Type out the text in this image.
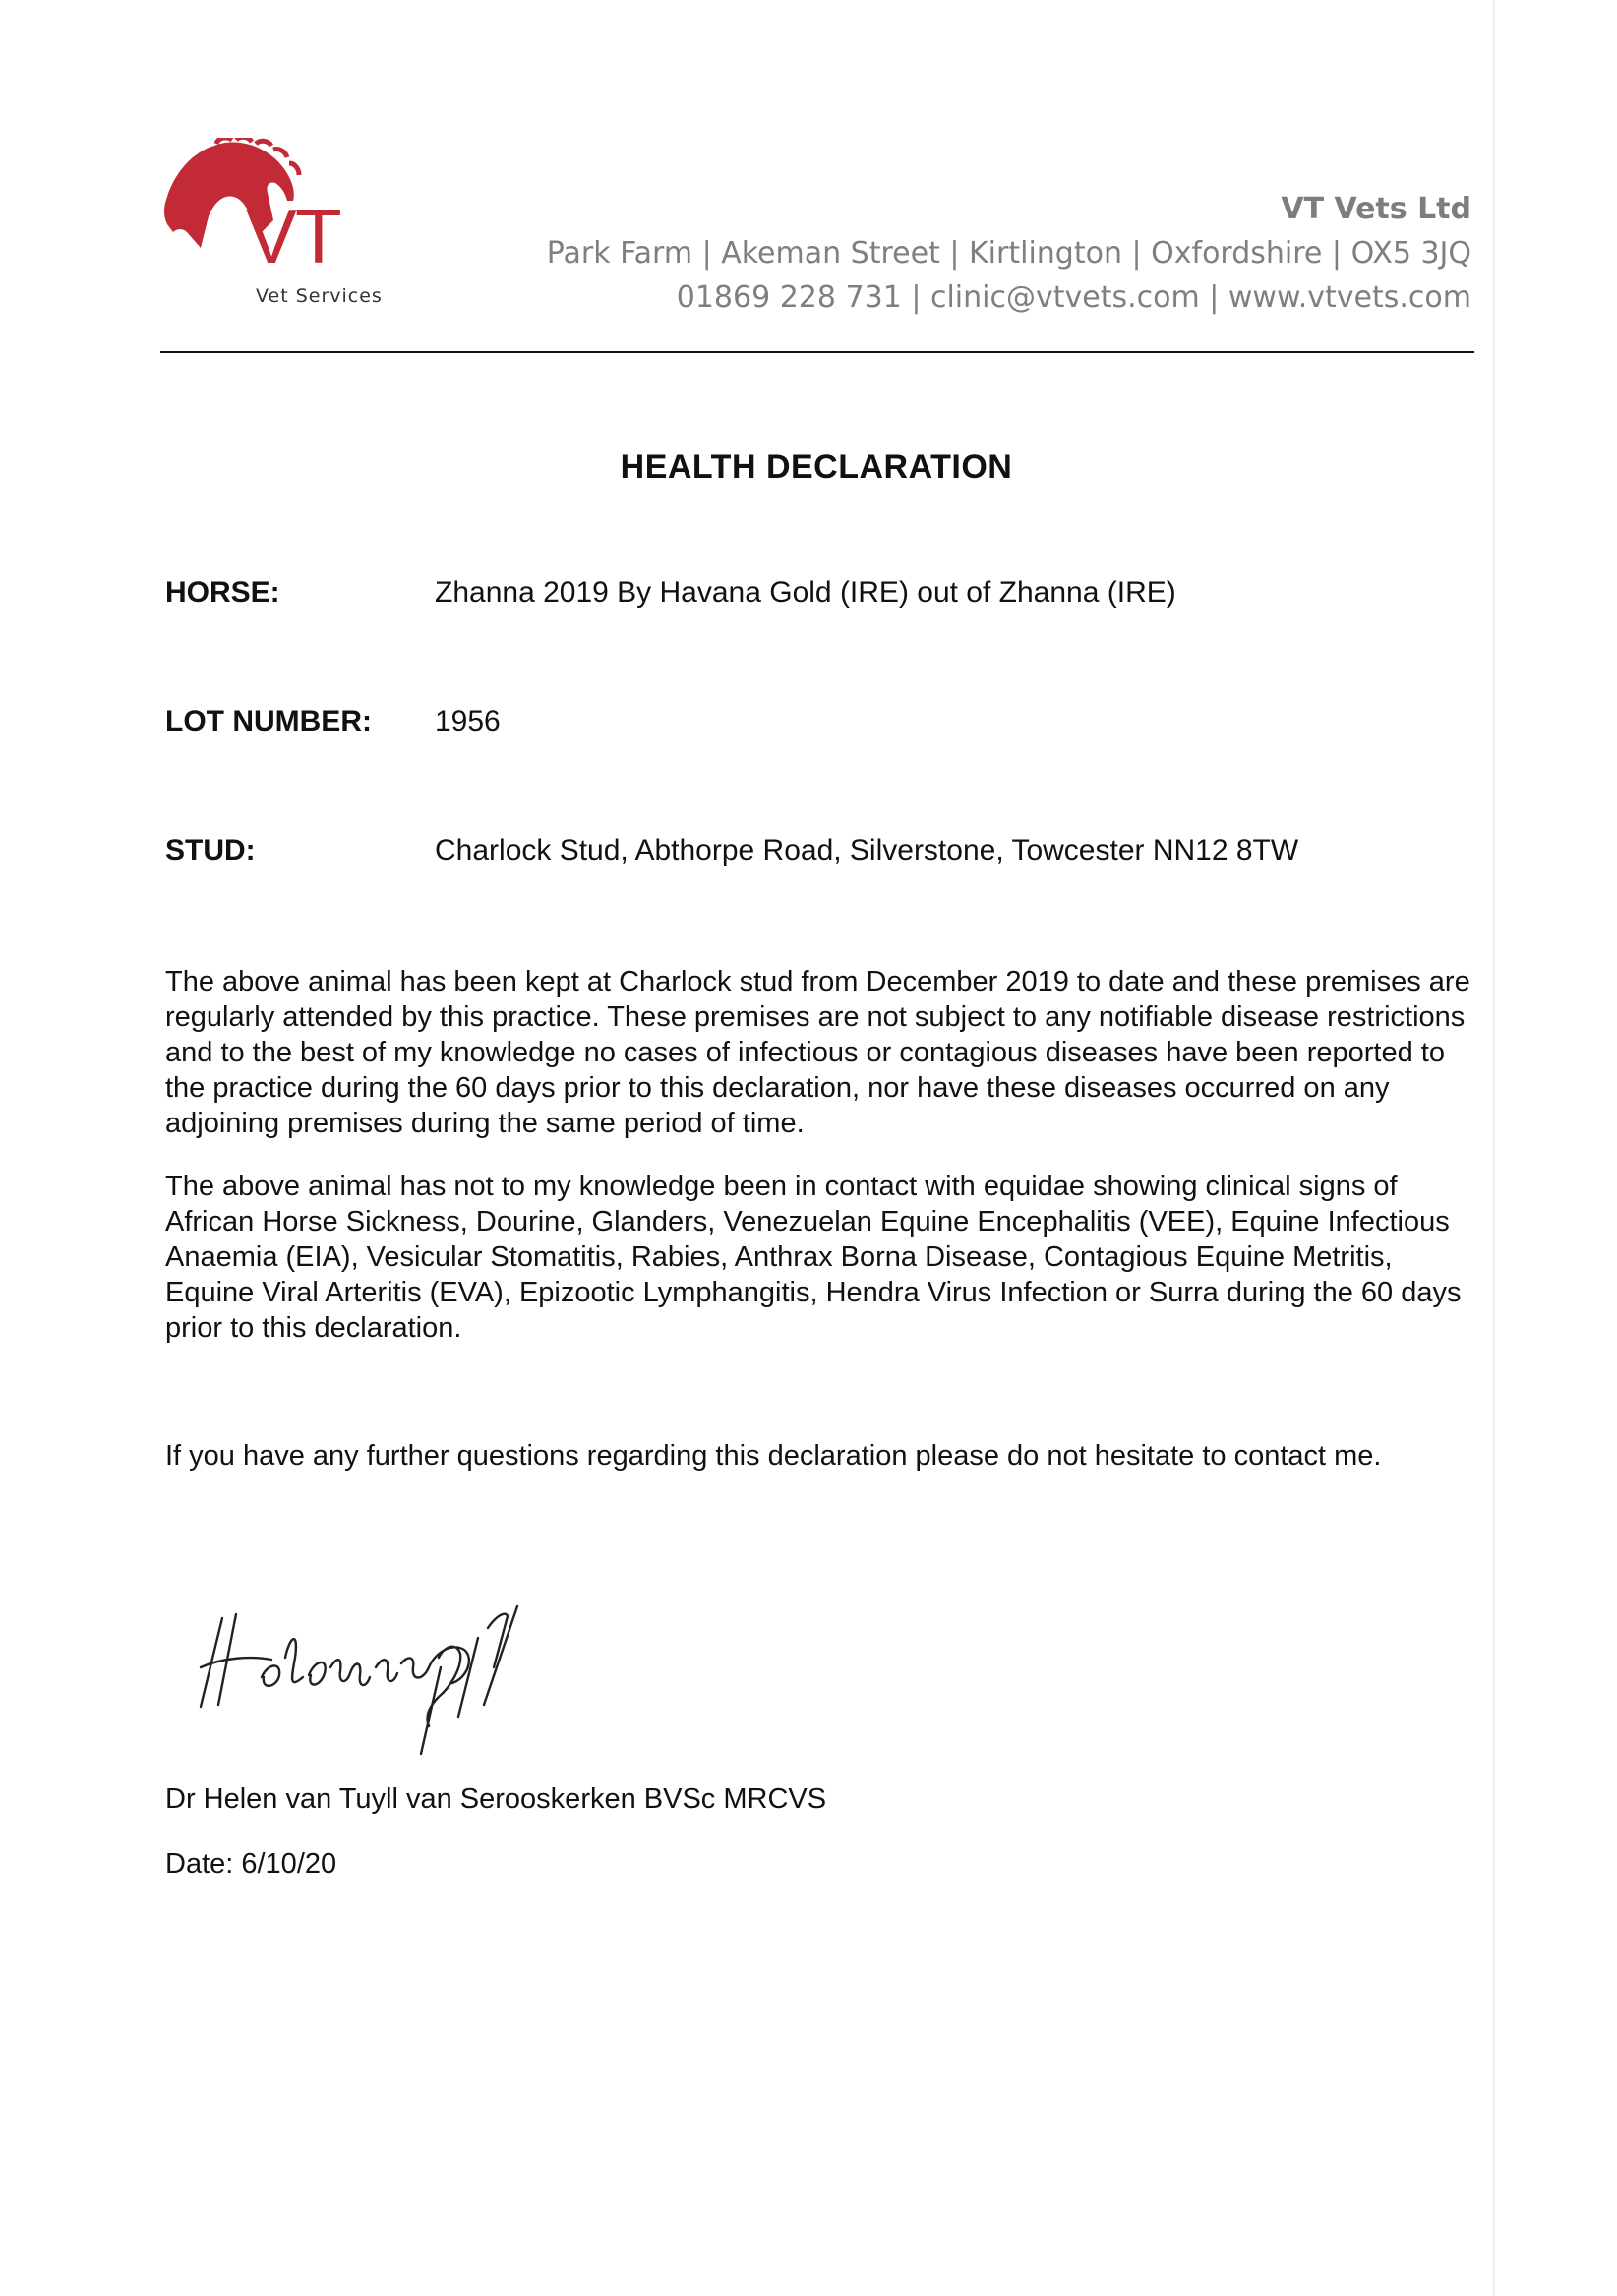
VT
Vet Services
VT Vets Ltd
Park Farm | Akeman Street | Kirtlington | Oxfordshire | OX5 3JQ
01869 228 731 | clinic@vtvets.com | www.vtvets.com
HEALTH DECLARATION
HORSE:	Zhanna 2019 By Havana Gold (IRE) out of Zhanna (IRE)
LOT NUMBER: 1956
STUD:	Charlock Stud, Abthorpe Road, Silverstone, Towcester NN12 8TW
The above animal has been kept at Charlock stud from December 2019 to date and these premises are regularly attended by this practice. These premises are not subject to any notifiable disease restrictions and to the best of my knowledge no cases of infectious or contagious diseases have been reported to the practice during the 60 days prior to this declaration, nor have these diseases occurred on any adjoining premises during the same period of time.
The above animal has not to my knowledge been in contact with equidae showing clinical signs of African Horse Sickness, Dourine, Glanders, Venezuelan Equine Encephalitis (VEE), Equine Infectious Anaemia (EIA), Vesicular Stomatitis, Rabies, Anthrax Borna Disease, Contagious Equine Metritis, Equine Viral Arteritis (EVA), Epizootic Lymphangitis, Hendra Virus Infection or Surra during the 60 days prior to this declaration.
If you have any further questions regarding this declaration please do not hesitate to contact me.
Dr Helen van Tuyll van Serooskerken BVSc MRCVS
Date: 6/10/20
